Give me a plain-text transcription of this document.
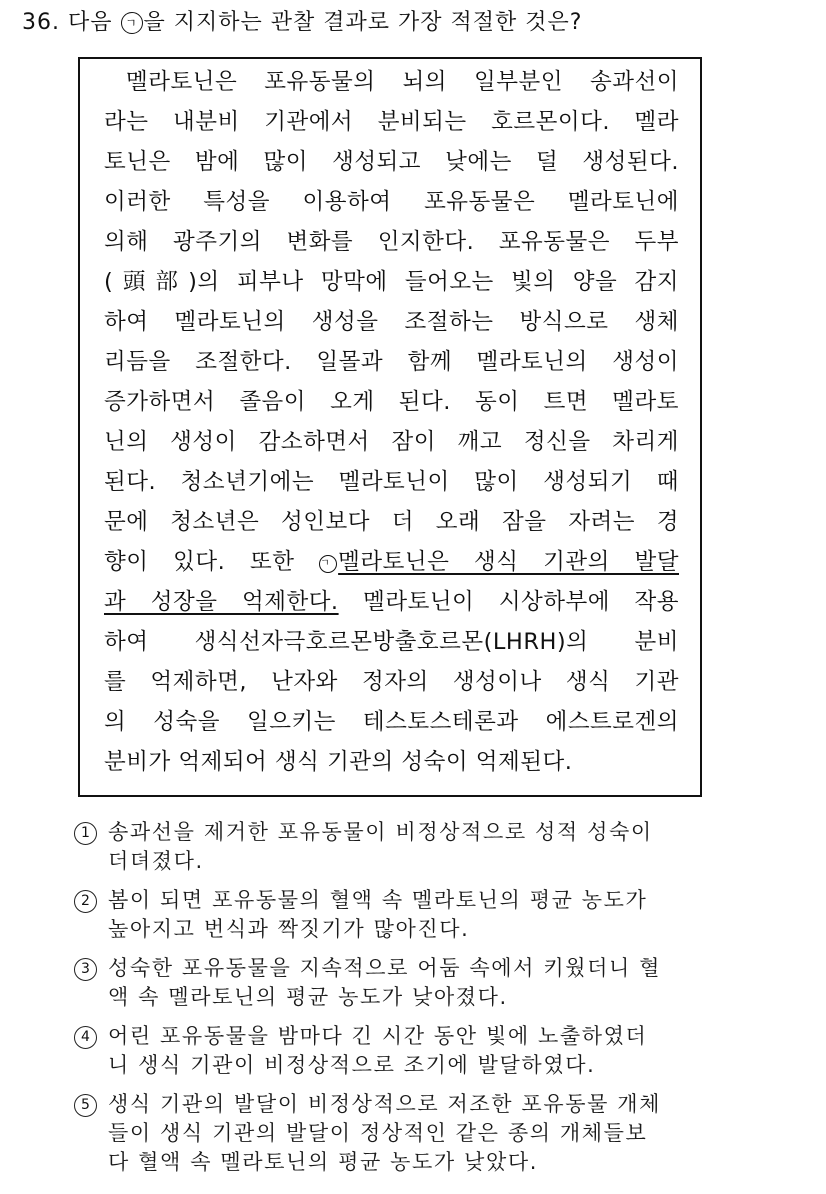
36. 다음 ㄱ 을 지지하는 관찰 결과로 가장 적절한 것은?
멜라토닌은 포유동물의 뇌의 일부분인 송과선이
라는 내분비 기관에서 분비되는 호르몬이다. 멜라
토닌은 밤에 많이 생성되고 낮에는 덜 생성된다.
이러한 특성을 이용하여 포유동물은 멜라토닌에
의해 광주기의 변화를 인지한다. 포유동물은 두부
(頭部)의 피부나 망막에 들어오는 빛의 양을 감지
하여 멜라토닌의 생성을 조절하는 방식으로 생체
리듬을 조절한다. 일몰과 함께 멜라토닌의 생성이
증가하면서 졸음이 오게 된다. 동이 트면 멜라토
닌의 생성이 감소하면서 잠이 깨고 정신을 차리게
된다. 청소년기에는 멜라토닌이 많이 생성되기 때
문에 청소년은 성인보다 더 오래 잠을 자려는 경
향이 있다. 또한 ㄱ 멜라토닌은 생식 기관의 발달
과 성장을 억제한다. 멜라토닌이 시상하부에 작용
하여 생식선자극호르몬방출호르몬(LHRH)의 분비
를 억제하면, 난자와 정자의 생성이나 생식 기관
의 성숙을 일으키는 테스토스테론과 에스트로겐의
분비가 억제되어 생식 기관의 성숙이 억제된다.
1 송과선을 제거한 포유동물이 비정상적으로 성적 성숙이
더뎌졌다.
2 봄이 되면 포유동물의 혈액 속 멜라토닌의 평균 농도가
높아지고 번식과 짝짓기가 많아진다.
3 성숙한 포유동물을 지속적으로 어둠 속에서 키웠더니 혈
액 속 멜라토닌의 평균 농도가 낮아졌다.
4 어린 포유동물을 밤마다 긴 시간 동안 빛에 노출하였더
니 생식 기관이 비정상적으로 조기에 발달하였다.
5 생식 기관의 발달이 비정상적으로 저조한 포유동물 개체
들이 생식 기관의 발달이 정상적인 같은 종의 개체들보
다 혈액 속 멜라토닌의 평균 농도가 낮았다.
